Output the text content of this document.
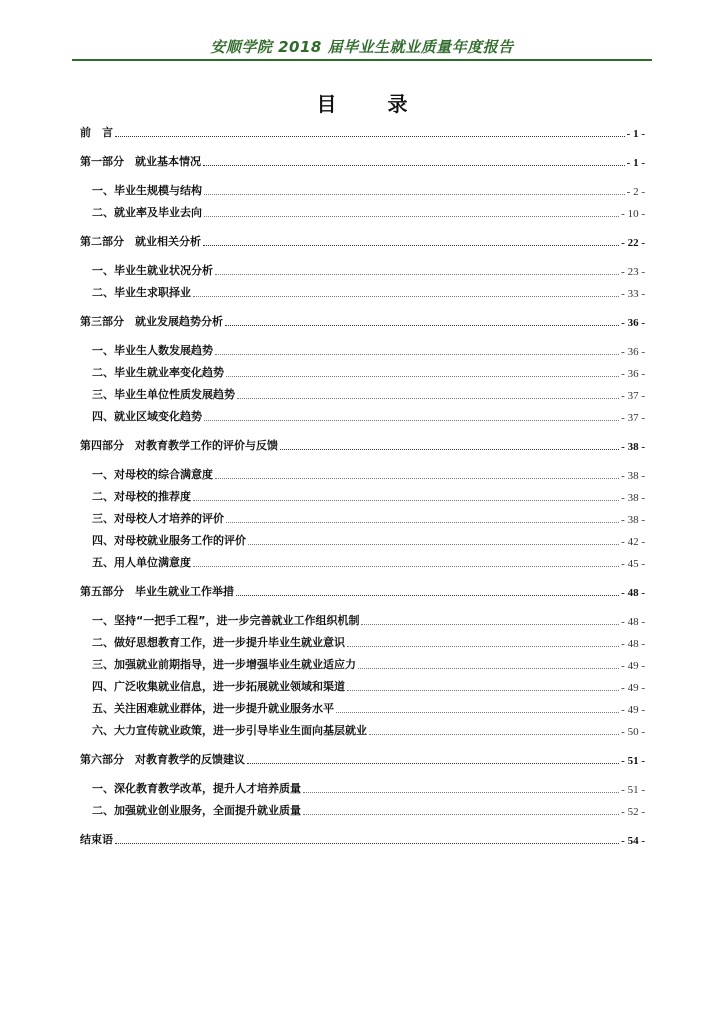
安顺学院 2018 届毕业生就业质量年度报告
目 录
前　言	- 1 -
第一部分　就业基本情况	- 1 -
一、毕业生规模与结构	- 2 -
二、就业率及毕业去向	- 10 -
第二部分　就业相关分析	- 22 -
一、毕业生就业状况分析	- 23 -
二、毕业生求职择业	- 33 -
第三部分　就业发展趋势分析	- 36 -
一、毕业生人数发展趋势	- 36 -
二、毕业生就业率变化趋势	- 36 -
三、毕业生单位性质发展趋势	- 37 -
四、就业区域变化趋势	- 37 -
第四部分　对教育教学工作的评价与反馈	- 38 -
一、对母校的综合满意度	- 38 -
二、对母校的推荐度	- 38 -
三、对母校人才培养的评价	- 38 -
四、对母校就业服务工作的评价	- 42 -
五、用人单位满意度	- 45 -
第五部分　毕业生就业工作举措	- 48 -
一、坚持“一把手工程”，进一步完善就业工作组织机制	- 48 -
二、做好思想教育工作，进一步提升毕业生就业意识	- 48 -
三、加强就业前期指导，进一步增强毕业生就业适应力	- 49 -
四、广泛收集就业信息，进一步拓展就业领域和渠道	- 49 -
五、关注困难就业群体，进一步提升就业服务水平	- 49 -
六、大力宣传就业政策，进一步引导毕业生面向基层就业	- 50 -
第六部分　对教育教学的反馈建议	- 51 -
一、深化教育教学改革，提升人才培养质量	- 51 -
二、加强就业创业服务，全面提升就业质量	- 52 -
结束语	- 54 -
